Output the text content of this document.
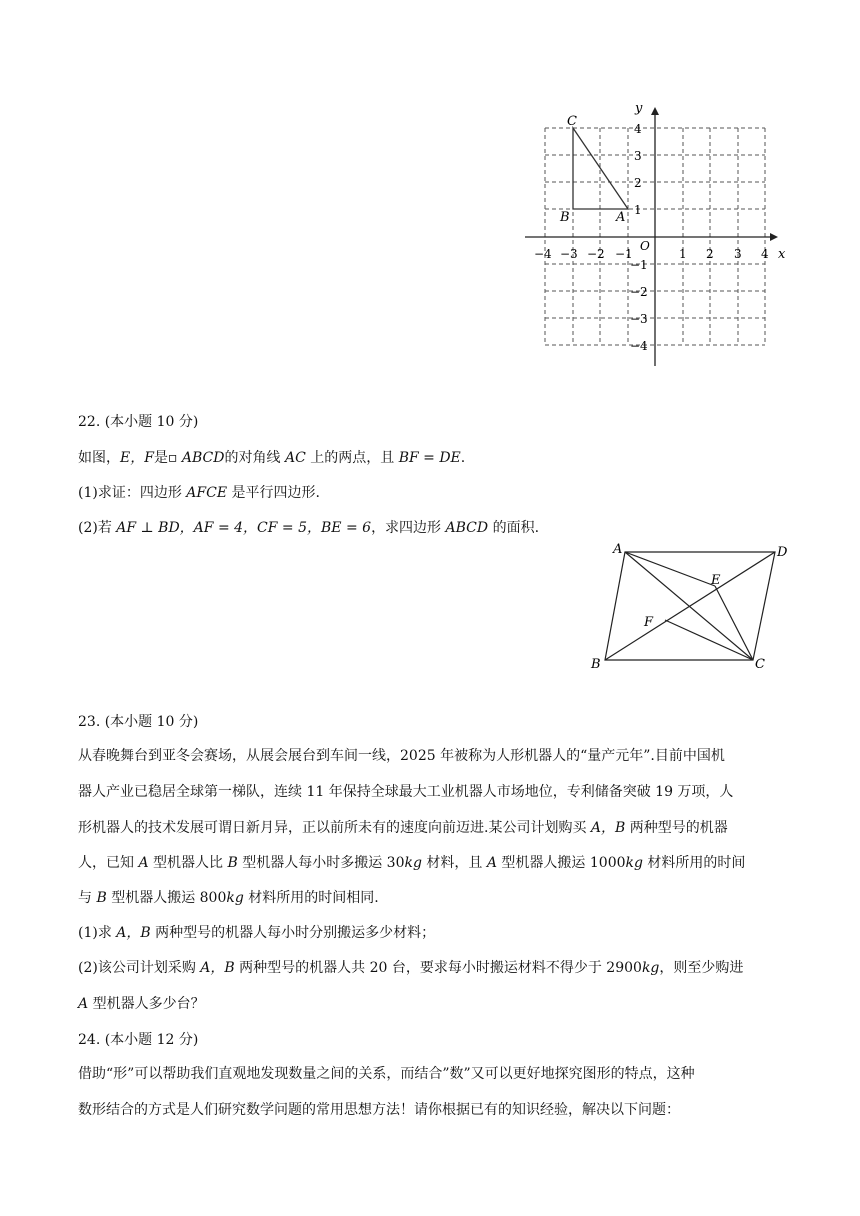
x
y
O
C
B	A
−4 −3 −2 −1	1 2 3 4
4
3
2
1
−1
−2
−3
−4
22. (本小题 10 分)
如图，E，F是▫ ABCD的对角线 AC 上的两点，且 BF = DE.
(1)求证：四边形 AFCE 是平行四边形.
(2)若 AF ⊥ BD，AF = 4，CF = 5，BE = 6，求四边形 ABCD 的面积.
A	D
E
F
B	C
23. (本小题 10 分)
从春晚舞台到亚冬会赛场，从展会展台到车间一线，2025 年被称为人形机器人的“量产元年”.目前中国机
器人产业已稳居全球第一梯队，连续 11 年保持全球最大工业机器人市场地位，专利储备突破 19 万项，人
形机器人的技术发展可谓日新月异，正以前所未有的速度向前迈进.某公司计划购买 A，B 两种型号的机器
人，已知 A 型机器人比 B 型机器人每小时多搬运 30kg 材料，且 A 型机器人搬运 1000kg 材料所用的时间
与 B 型机器人搬运 800kg 材料所用的时间相同.
(1)求 A，B 两种型号的机器人每小时分别搬运多少材料；
(2)该公司计划采购 A，B 两种型号的机器人共 20 台，要求每小时搬运材料不得少于 2900kg，则至少购进
A 型机器人多少台？
24. (本小题 12 分)
借助“形”可以帮助我们直观地发现数量之间的关系，而结合”数”又可以更好地探究图形的特点，这种
数形结合的方式是人们研究数学问题的常用思想方法！请你根据已有的知识经验，解决以下问题：
